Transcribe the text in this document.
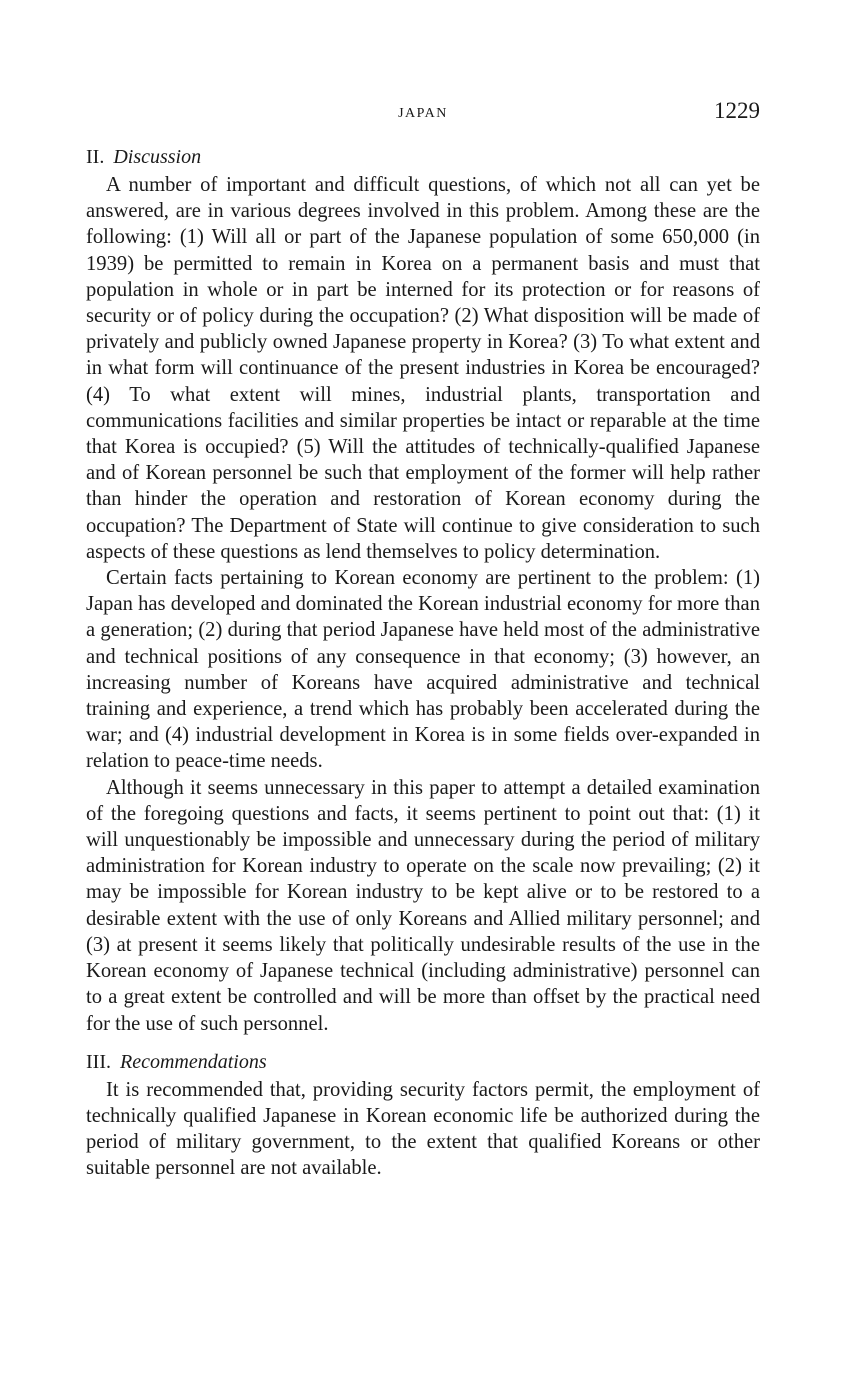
JAPAN	1229
II. Discussion

A number of important and difficult questions, of which not all can yet be answered, are in various degrees involved in this problem. Among these are the following: (1) Will all or part of the Japanese population of some 650,000 (in 1939) be permitted to remain in Korea on a permanent basis and must that population in whole or in part be interned for its protection or for reasons of security or of policy during the occupation? (2) What disposition will be made of privately and publicly owned Japanese property in Korea? (3) To what extent and in what form will continuance of the present industries in Korea be encouraged? (4) To what extent will mines, industrial plants, transportation and communications facilities and similar properties be intact or reparable at the time that Korea is occupied? (5) Will the attitudes of technically-qualified Japanese and of Korean personnel be such that employment of the former will help rather than hinder the operation and restoration of Korean economy during the occupation? The Department of State will continue to give consideration to such aspects of these questions as lend themselves to policy determination.

Certain facts pertaining to Korean economy are pertinent to the problem: (1) Japan has developed and dominated the Korean industrial economy for more than a generation; (2) during that period Japanese have held most of the administrative and technical positions of any consequence in that economy; (3) however, an increasing number of Koreans have acquired administrative and technical training and experience, a trend which has probably been accelerated during the war; and (4) industrial development in Korea is in some fields over-expanded in relation to peace-time needs.

Although it seems unnecessary in this paper to attempt a detailed examination of the foregoing questions and facts, it seems pertinent to point out that: (1) it will unquestionably be impossible and unnecessary during the period of military administration for Korean industry to operate on the scale now prevailing; (2) it may be impossible for Korean industry to be kept alive or to be restored to a desirable extent with the use of only Koreans and Allied military personnel; and (3) at present it seems likely that politically undesirable results of the use in the Korean economy of Japanese technical (including administrative) personnel can to a great extent be controlled and will be more than offset by the practical need for the use of such personnel.

III. Recommendations

It is recommended that, providing security factors permit, the employment of technically qualified Japanese in Korean economic life be authorized during the period of military government, to the extent that qualified Koreans or other suitable personnel are not available.
